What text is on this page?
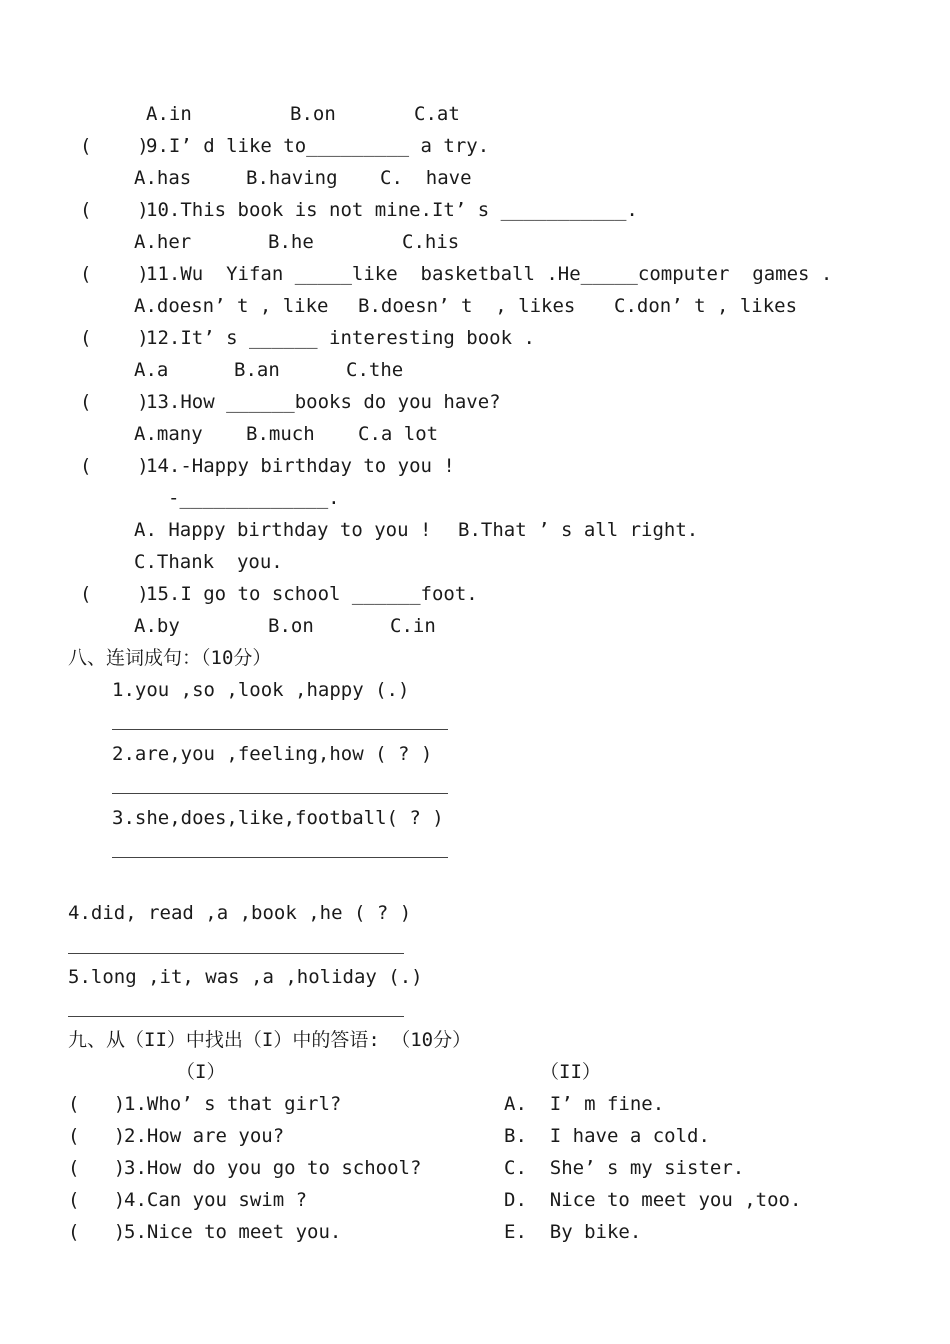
A.in	B.on	C.at
(    )
9.I’ d like to_________ a try.
A.has	B.having C.  have
(    )
10.This book is not mine.It’ s ___________.
A.her	B.he	C.his
(    )
11.Wu  Yifan _____like  basketball .He_____computer  games .
A.doesn’ t , like B.doesn’ t  , likes C.don’ t , likes
(    )
12.It’ s ______ interesting book .
A.a	B.an	C.the
(    )
13.How ______books do you have?
A.many B.much C.a lot
(    )
14.-Happy birthday to you !
-_____________.
A. Happy birthday to you ! B.That ’ s all right.
C.Thank  you.
(    )
15.I go to school ______foot.
A.by	B.on	C.in
八、连词成句：（10分）
1.you ,so ,look ,happy (.)
2.are,you ,feeling,how ( ? )
3.she,does,like,football( ? )
4.did, read ,a ,book ,he ( ? )
5.long ,it, was ,a ,holiday (.)
九、从（II）中找出（I）中的答语: （10分）
（I）	（II）
(   )
1.Who’ s that girl?	A.  I’ m fine.
(   )
2.How are you?	B.  I have a cold.
(   )
3.How do you go to school?	C.  She’ s my sister.
(   )
4.Can you swim ?	D.  Nice to meet you ,too.
(   )
5.Nice to meet you.	E.  By bike.
